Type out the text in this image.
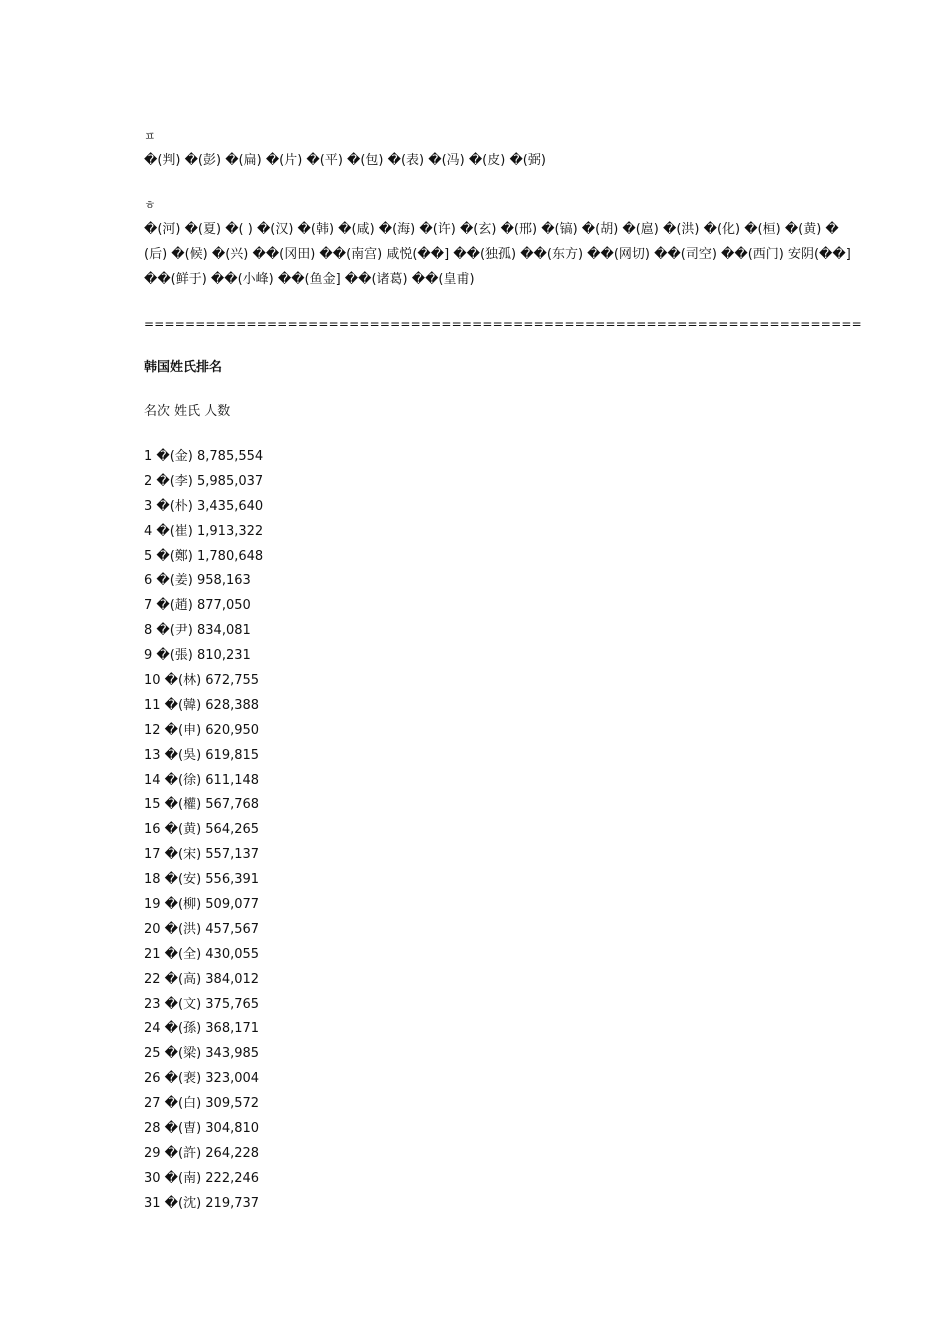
ㅍ
�(判) �(彭) �(扁) �(片) �(平) �(包) �(表) �(冯) �(皮) �(弼)
ㅎ
�(河) �(夏) �( ) �(汉) �(韩) �(咸) �(海) �(许) �(玄) �(邢) �(镐) �(胡) �(扈) �(洪) �(化) �(桓) �(黄) �
(后) �(候) �(兴) ��(冈田) ��(南宫) 咸悦(��] ��(独孤) ��(东方) ��(网切) ��(司空) ��(西门) 安阴(��]
��(鲜于) ��(小峰) ��(鱼金] ��(诸葛) ��(皇甫)
======================================================================
韩国姓氏排名
名次 姓氏 人数
1 �(金) 8,785,554
2 �(李) 5,985,037
3 �(朴) 3,435,640
4 �(崔) 1,913,322
5 �(鄭) 1,780,648
6 �(姜) 958,163
7 �(趙) 877,050
8 �(尹) 834,081
9 �(張) 810,231
10 �(林) 672,755
11 �(韓) 628,388
12 �(申) 620,950
13 �(吳) 619,815
14 �(徐) 611,148
15 �(權) 567,768
16 �(黄) 564,265
17 �(宋) 557,137
18 �(安) 556,391
19 �(柳) 509,077
20 �(洪) 457,567
21 �(全) 430,055
22 �(高) 384,012
23 �(文) 375,765
24 �(孫) 368,171
25 �(梁) 343,985
26 �(裵) 323,004
27 �(白) 309,572
28 �(曺) 304,810
29 �(許) 264,228
30 �(南) 222,246
31 �(沈) 219,737
